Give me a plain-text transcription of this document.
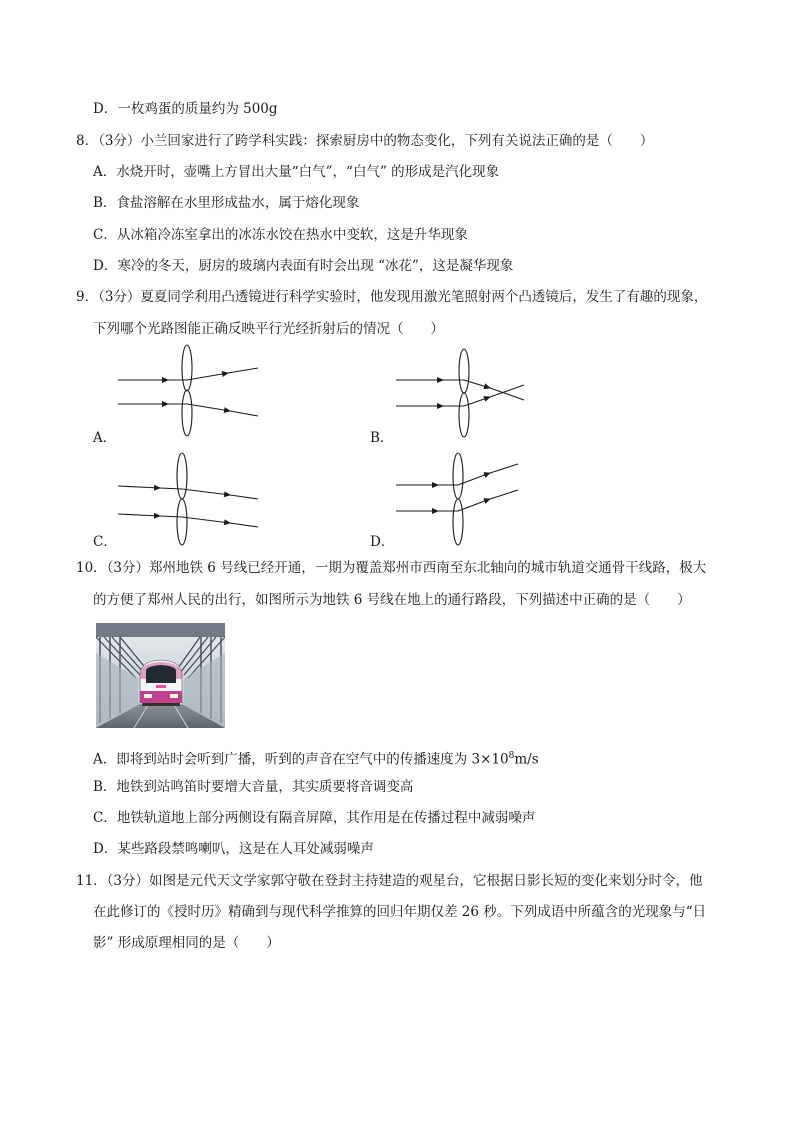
D．一枚鸡蛋的质量约为 500g
8．（3分）小兰回家进行了跨学科实践：探索厨房中的物态变化，下列有关说法正确的是（　　）
A．水烧开时，壶嘴上方冒出大量“白气”，“白气” 的形成是汽化现象
B．食盐溶解在水里形成盐水，属于熔化现象
C．从冰箱冷冻室拿出的冰冻水饺在热水中变软，这是升华现象
D．寒冷的冬天，厨房的玻璃内表面有时会出现 “冰花”，这是凝华现象
9．（3分）夏夏同学利用凸透镜进行科学实验时，他发现用激光笔照射两个凸透镜后，发生了有趣的现象，
下列哪个光路图能正确反映平行光经折射后的情况（　　）
A．	B．
C．	D．
10．（3分）郑州地铁 6 号线已经开通，一期为覆盖郑州市西南至东北轴向的城市轨道交通骨干线路，极大
的方便了郑州人民的出行，如图所示为地铁 6 号线在地上的通行路段，下列描述中正确的是（　　）
A．即将到站时会听到广播，听到的声音在空气中的传播速度为 $3\times 10^8m/s$
B．地铁到站鸣笛时要增大音量，其实质要将音调变高
C．地铁轨道地上部分两侧设有隔音屏障，其作用是在传播过程中减弱噪声
D．某些路段禁鸣喇叭，这是在人耳处减弱噪声
11．（3分）如图是元代天文学家郭守敬在登封主持建造的观星台，它根据日影长短的变化来划分时令，他
在此修订的《授时历》精确到与现代科学推算的回归年期仅差 26 秒。下列成语中所蕴含的光现象与“日
影” 形成原理相同的是（　　）
